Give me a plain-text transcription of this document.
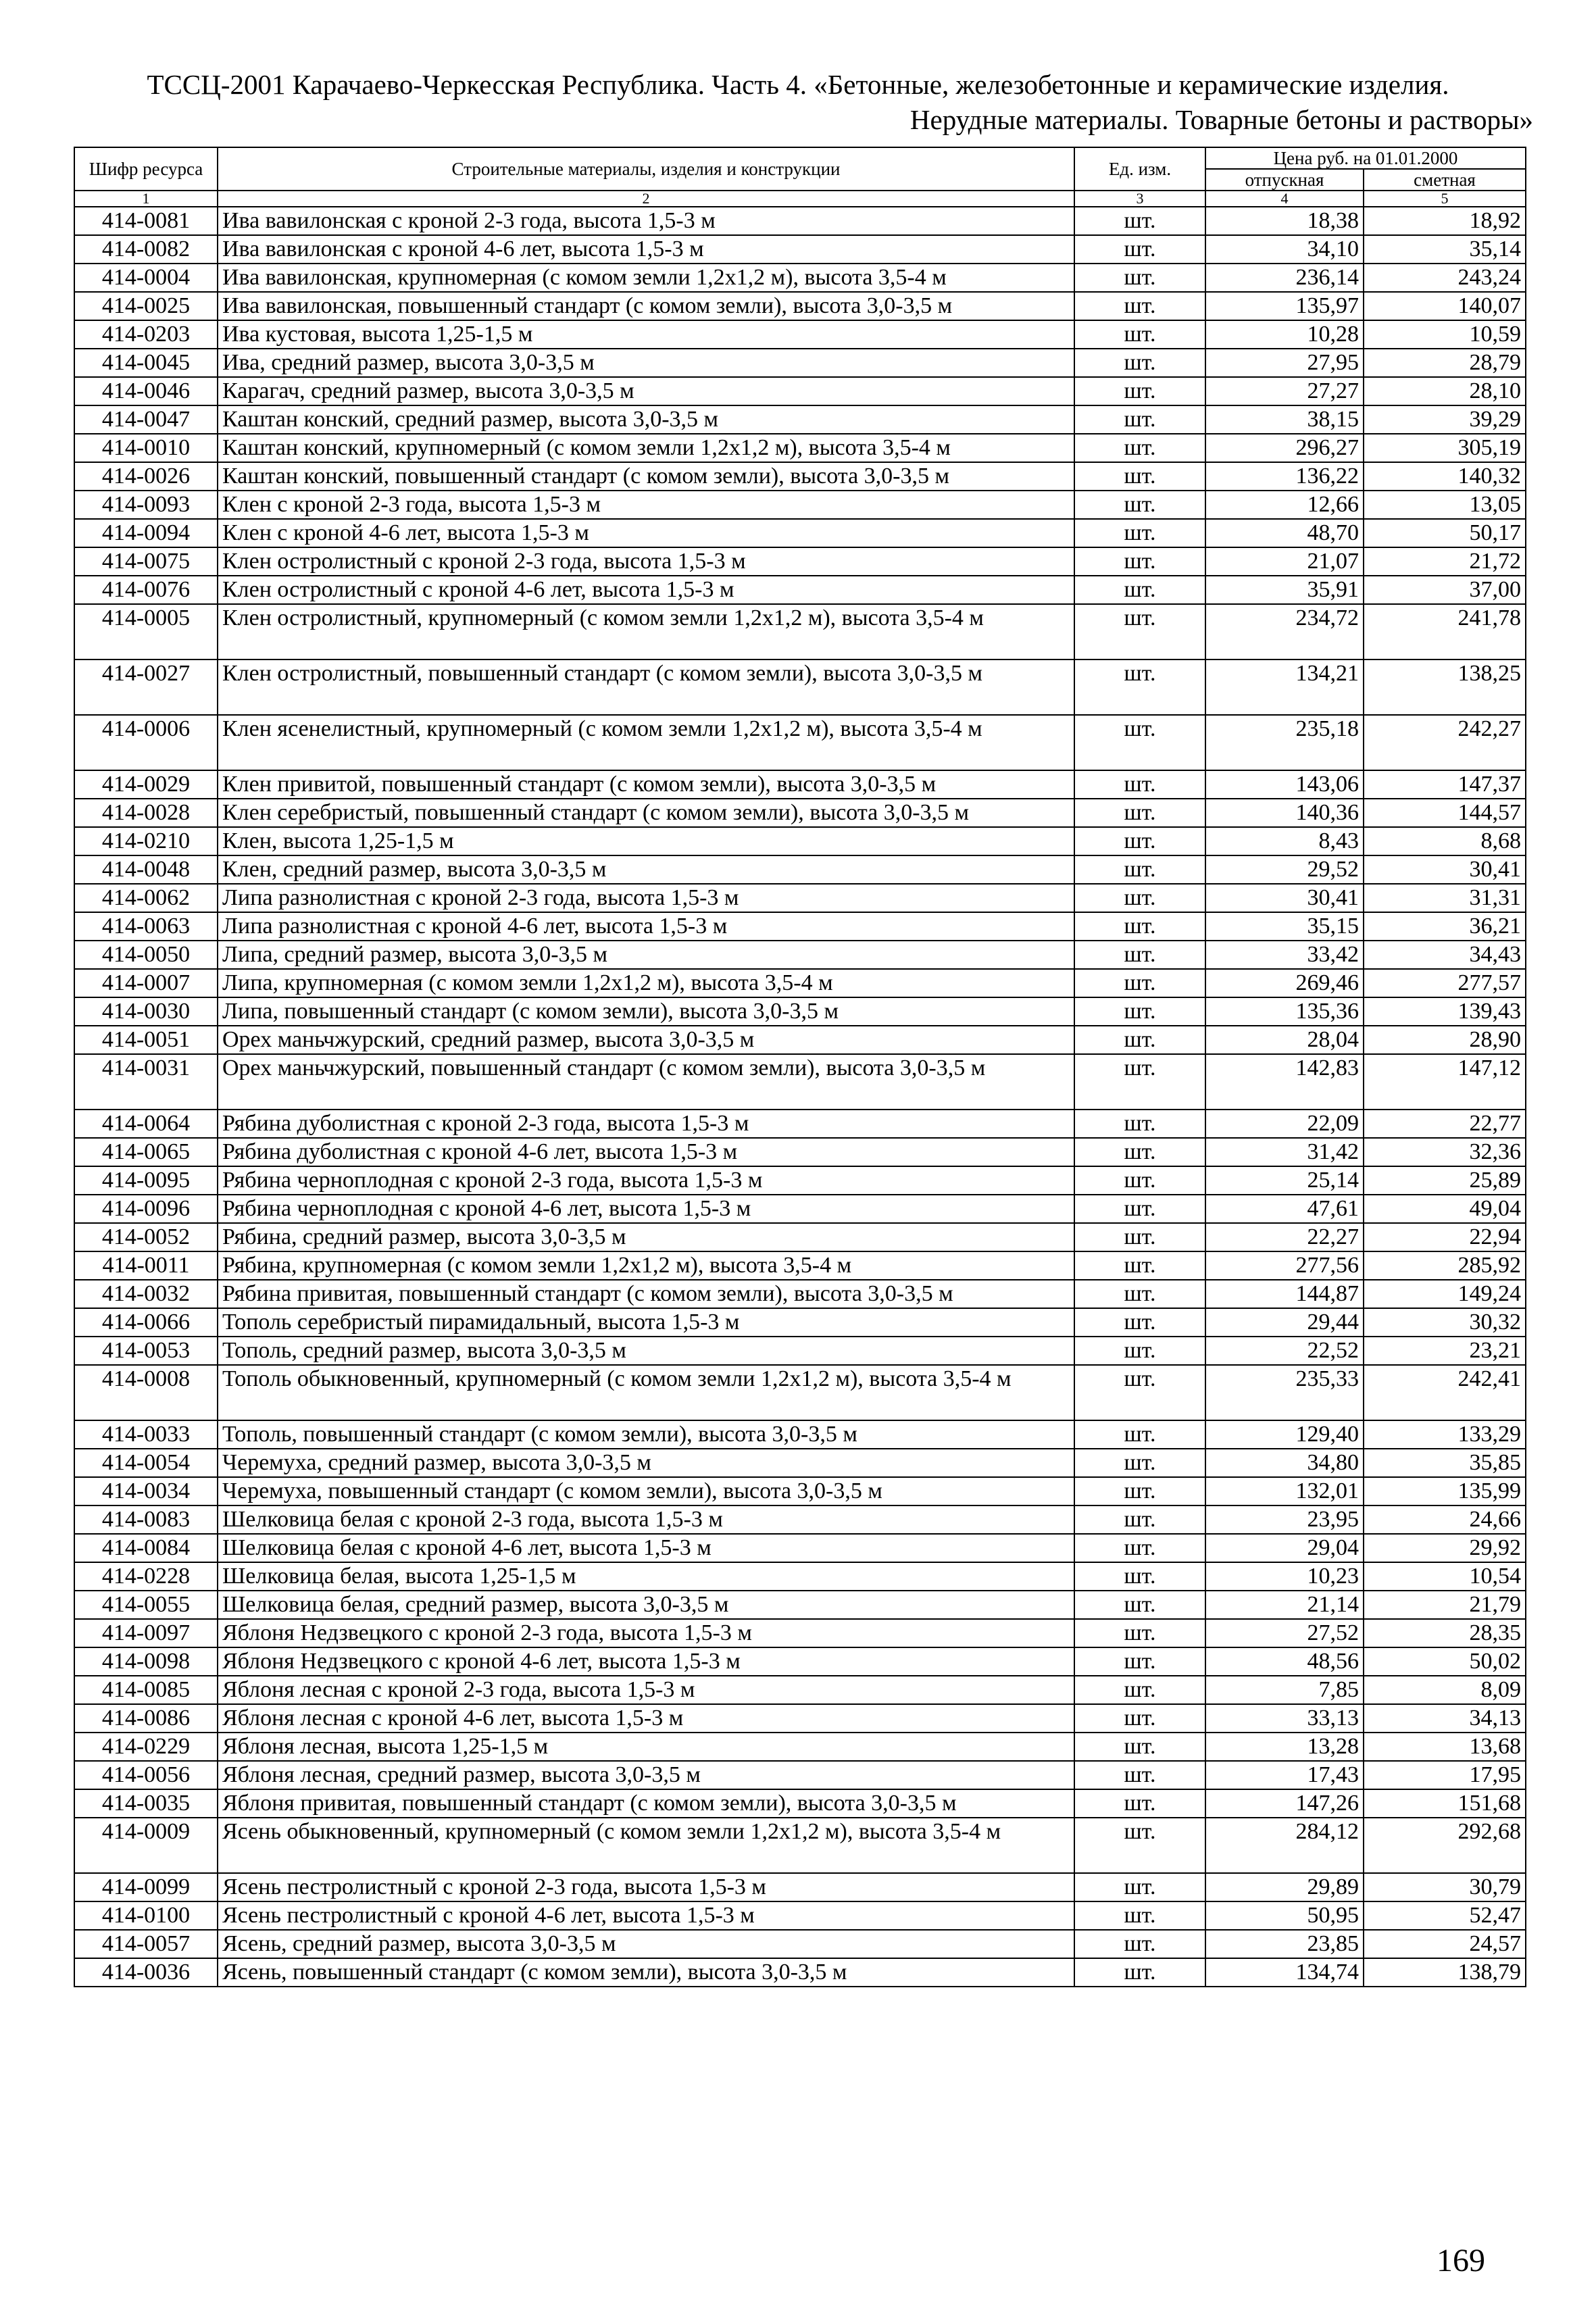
ТССЦ-2001 Карачаево-Черкесская Республика. Часть 4. «Бетонные, железобетонные и керамические изделия.
Нерудные материалы. Товарные бетоны и растворы»
Шифр ресурса	Строительные материалы, изделия и конструкции	Ед. изм.	Цена руб. на 01.01.2000	
			отпускная	сметная
1	2	3	4	5
414-0081	Ива вавилонская с кроной 2-3 года, высота 1,5-3 м	шт.	18,38	18,92
414-0082	Ива вавилонская с кроной 4-6 лет, высота 1,5-3 м	шт.	34,10	35,14
414-0004	Ива вавилонская, крупномерная (с комом земли 1,2х1,2 м), высота 3,5-4 м	шт.	236,14	243,24
414-0025	Ива вавилонская, повышенный стандарт (с комом земли), высота 3,0-3,5 м	шт.	135,97	140,07
414-0203	Ива кустовая, высота 1,25-1,5 м	шт.	10,28	10,59
414-0045	Ива, средний размер, высота 3,0-3,5 м	шт.	27,95	28,79
414-0046	Карагач, средний размер, высота 3,0-3,5 м	шт.	27,27	28,10
414-0047	Каштан конский, средний размер, высота 3,0-3,5 м	шт.	38,15	39,29
414-0010	Каштан конский, крупномерный (с комом земли 1,2х1,2 м), высота 3,5-4 м	шт.	296,27	305,19
414-0026	Каштан конский, повышенный стандарт (с комом земли), высота 3,0-3,5 м	шт.	136,22	140,32
414-0093	Клен с кроной 2-3 года, высота 1,5-3 м	шт.	12,66	13,05
414-0094	Клен с кроной 4-6 лет, высота 1,5-3 м	шт.	48,70	50,17
414-0075	Клен остролистный с кроной 2-3 года, высота 1,5-3 м	шт.	21,07	21,72
414-0076	Клен остролистный с кроной 4-6 лет, высота 1,5-3 м	шт.	35,91	37,00
414-0005	Клен остролистный, крупномерный (с комом земли 1,2х1,2 м), высота 3,5-4 м	шт.	234,72	241,78
414-0027	Клен остролистный, повышенный стандарт (с комом земли), высота 3,0-3,5 м	шт.	134,21	138,25
414-0006	Клен ясенелистный, крупномерный (с комом земли 1,2х1,2 м), высота 3,5-4 м	шт.	235,18	242,27
414-0029	Клен привитой, повышенный стандарт (с комом земли), высота 3,0-3,5 м	шт.	143,06	147,37
414-0028	Клен серебристый, повышенный стандарт (с комом земли), высота 3,0-3,5 м	шт.	140,36	144,57
414-0210	Клен, высота 1,25-1,5 м	шт.	8,43	8,68
414-0048	Клен, средний размер, высота 3,0-3,5 м	шт.	29,52	30,41
414-0062	Липа разнолистная с кроной 2-3 года, высота 1,5-3 м	шт.	30,41	31,31
414-0063	Липа разнолистная с кроной 4-6 лет, высота 1,5-3 м	шт.	35,15	36,21
414-0050	Липа, средний размер, высота 3,0-3,5 м	шт.	33,42	34,43
414-0007	Липа, крупномерная (с комом земли 1,2х1,2 м), высота 3,5-4 м	шт.	269,46	277,57
414-0030	Липа, повышенный стандарт (с комом земли), высота 3,0-3,5 м	шт.	135,36	139,43
414-0051	Орех маньчжурский, средний размер, высота 3,0-3,5 м	шт.	28,04	28,90
414-0031	Орех маньчжурский, повышенный стандарт (с комом земли), высота 3,0-3,5 м	шт.	142,83	147,12
414-0064	Рябина дуболистная с кроной 2-3 года, высота 1,5-3 м	шт.	22,09	22,77
414-0065	Рябина дуболистная с кроной 4-6 лет, высота 1,5-3 м	шт.	31,42	32,36
414-0095	Рябина черноплодная с кроной 2-3 года, высота 1,5-3 м	шт.	25,14	25,89
414-0096	Рябина черноплодная с кроной 4-6 лет, высота 1,5-3 м	шт.	47,61	49,04
414-0052	Рябина, средний размер, высота 3,0-3,5 м	шт.	22,27	22,94
414-0011	Рябина, крупномерная (с комом земли 1,2х1,2 м), высота 3,5-4 м	шт.	277,56	285,92
414-0032	Рябина привитая, повышенный стандарт (с комом земли), высота 3,0-3,5 м	шт.	144,87	149,24
414-0066	Тополь серебристый пирамидальный, высота 1,5-3 м	шт.	29,44	30,32
414-0053	Тополь, средний размер, высота 3,0-3,5 м	шт.	22,52	23,21
414-0008	Тополь обыкновенный, крупномерный (с комом земли 1,2х1,2 м), высота 3,5-4 м	шт.	235,33	242,41
414-0033	Тополь, повышенный стандарт (с комом земли), высота 3,0-3,5 м	шт.	129,40	133,29
414-0054	Черемуха, средний размер, высота 3,0-3,5 м	шт.	34,80	35,85
414-0034	Черемуха, повышенный стандарт (с комом земли), высота 3,0-3,5 м	шт.	132,01	135,99
414-0083	Шелковица белая с кроной 2-3 года, высота 1,5-3 м	шт.	23,95	24,66
414-0084	Шелковица белая с кроной 4-6 лет, высота 1,5-3 м	шт.	29,04	29,92
414-0228	Шелковица белая, высота 1,25-1,5 м	шт.	10,23	10,54
414-0055	Шелковица белая, средний размер, высота 3,0-3,5 м	шт.	21,14	21,79
414-0097	Яблоня Недзвецкого с кроной 2-3 года, высота 1,5-3 м	шт.	27,52	28,35
414-0098	Яблоня Недзвецкого с кроной 4-6 лет, высота 1,5-3 м	шт.	48,56	50,02
414-0085	Яблоня лесная с кроной 2-3 года, высота 1,5-3 м	шт.	7,85	8,09
414-0086	Яблоня лесная с кроной 4-6 лет, высота 1,5-3 м	шт.	33,13	34,13
414-0229	Яблоня лесная, высота 1,25-1,5 м	шт.	13,28	13,68
414-0056	Яблоня лесная, средний размер, высота 3,0-3,5 м	шт.	17,43	17,95
414-0035	Яблоня привитая, повышенный стандарт (с комом земли), высота 3,0-3,5 м	шт.	147,26	151,68
414-0009	Ясень обыкновенный, крупномерный (с комом земли 1,2х1,2 м), высота 3,5-4 м	шт.	284,12	292,68
414-0099	Ясень пестролистный с кроной 2-3 года, высота 1,5-3 м	шт.	29,89	30,79
414-0100	Ясень пестролистный с кроной 4-6 лет, высота 1,5-3 м	шт.	50,95	52,47
414-0057	Ясень, средний размер, высота 3,0-3,5 м	шт.	23,85	24,57
414-0036	Ясень, повышенный стандарт (с комом земли), высота 3,0-3,5 м	шт.	134,74	138,79
169
